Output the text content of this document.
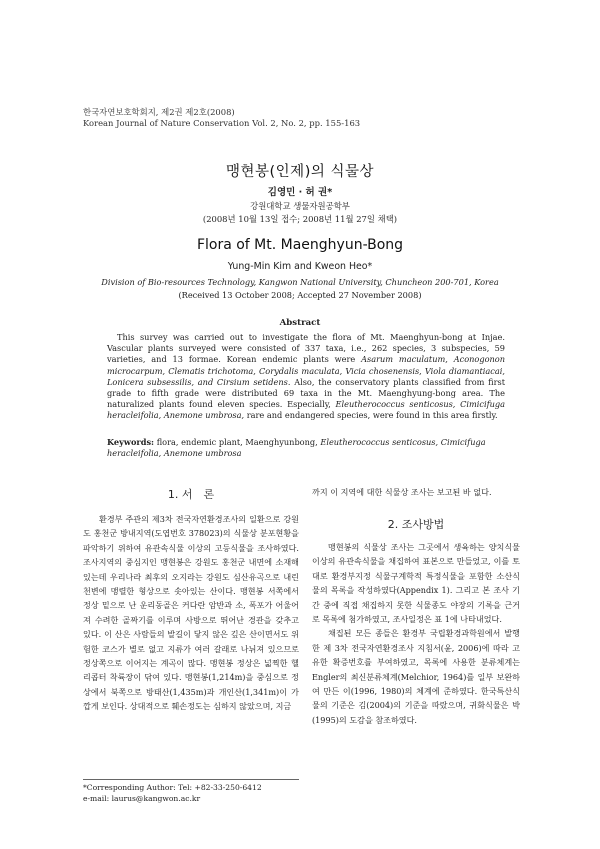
한국자연보호학회지, 제2권 제2호(2008)
Korean Journal of Nature Conservation Vol. 2, No. 2, pp. 155-163
맹현봉(인제)의 식물상
김영민 · 허 권*
강원대학교 생물자원공학부
(2008년 10월 13일 접수; 2008년 11월 27일 채택)
Flora of Mt. Maenghyun-Bong
Yung-Min Kim and Kweon Heo*
Division of Bio-resources Technology, Kangwon National University, Chuncheon 200-701, Korea
(Received 13 October 2008; Accepted 27 November 2008)
Abstract

This survey was carried out to investigate the flora of Mt. Maenghyun-bong at Injae. Vascular plants surveyed were consisted of 337 taxa, i.e., 262 species, 3 subspecies, 59 varieties, and 13 formae. Korean endemic plants were Asarum maculatum, Aconogonon microcarpum, Clematis trichotoma, Corydalis maculata, Vicia chosenensis, Viola diamantiacai, Lonicera subsessilis, and Cirsium setidens. Also, the conservatory plants classified from first grade to fifth grade were distributed 69 taxa in the Mt. Maenghyung-bong area. The naturalized plants found eleven species. Especially, Eleutherococcus senticosus, Cimicifuga heracleifolia, Anemone umbrosa, rare and endangered species, were found in this area firstly.

Keywords: flora, endemic plant, Maenghyunbong, Eleutherococcus senticosus, Cimicifuga heracleifolia, Anemone umbrosa
1. 서　론

환경부 주관의 제3차 전국자연환경조사의 일환으로 강원도 홍천군 방내지역(도엽번호 378023)의 식물상 분포현황을 파악하기 위하여 유관속식물 이상의 고등식물을 조사하였다. 조사지역의 중심지인 맹현봉은 강원도 홍천군 내면에 소재해 있는데 우리나라 최후의 오지라는 강원도 심산유곡으로 내린천변에 맹렬한 형상으로 솟아있는 산이다. 맹현봉 서쪽에서 정상 밑으로 난 운리동골은 커다란 암반과 소, 폭포가 어울어져 수려한 골짜기를 이루며 사방으로 뛰어난 경관을 갖추고 있다. 이 산은 사람들의 발길이 닿지 않은 깊은 산이면서도 위험한 코스가 별로 없고 지류가 여러 갈래로 나뉘져 있으므로 정상쪽으로 이어지는 계곡이 많다. 맹현봉 정상은 넓찍한 헬리콥터 착륙장이 닦여 있다. 맹현봉(1,214m)을 중심으로 정상에서 북쪽으로 방태산(1,435m)과 개인산(1,341m)이 가깝게 보인다. 상대적으로 훼손정도는 심하지 않았으며, 지금

까지 이 지역에 대한 식물상 조사는 보고된 바 없다.

2. 조사방법

맹현봉의 식물상 조사는 그곳에서 생육하는 양치식물 이상의 유관속식물을 채집하여 표본으로 만들었고, 이를 토대로 환경부지정 식물구계학적 특정식물을 포함한 소산식물의 목록을 작성하였다(Appendix 1). 그리고 본 조사 기간 중에 직접 채집하지 못한 식물종도 야장의 기록을 근거로 목록에 첨가하였고, 조사일정은 표 1에 나타내었다.

채집된 모든 종들은 환경부 국립환경과학원에서 발행한 제 3차 전국자연환경조사 지침서(윤, 2006)에 따라 고유한 확증번호를 부여하였고, 목록에 사용한 분류체계는 Engler의 최신분류체계(Melchior, 1964)를 일부 보완하여 만든 이(1996, 1980)의 체계에 준하였다. 한국특산식물의 기준은 김(2004)의 기준을 따랐으며, 귀화식물은 박(1995)의 도감을 참조하였다.

*Corresponding Author: Tel: +82-33-250-6412
e-mail: laurus@kangwon.ac.kr
